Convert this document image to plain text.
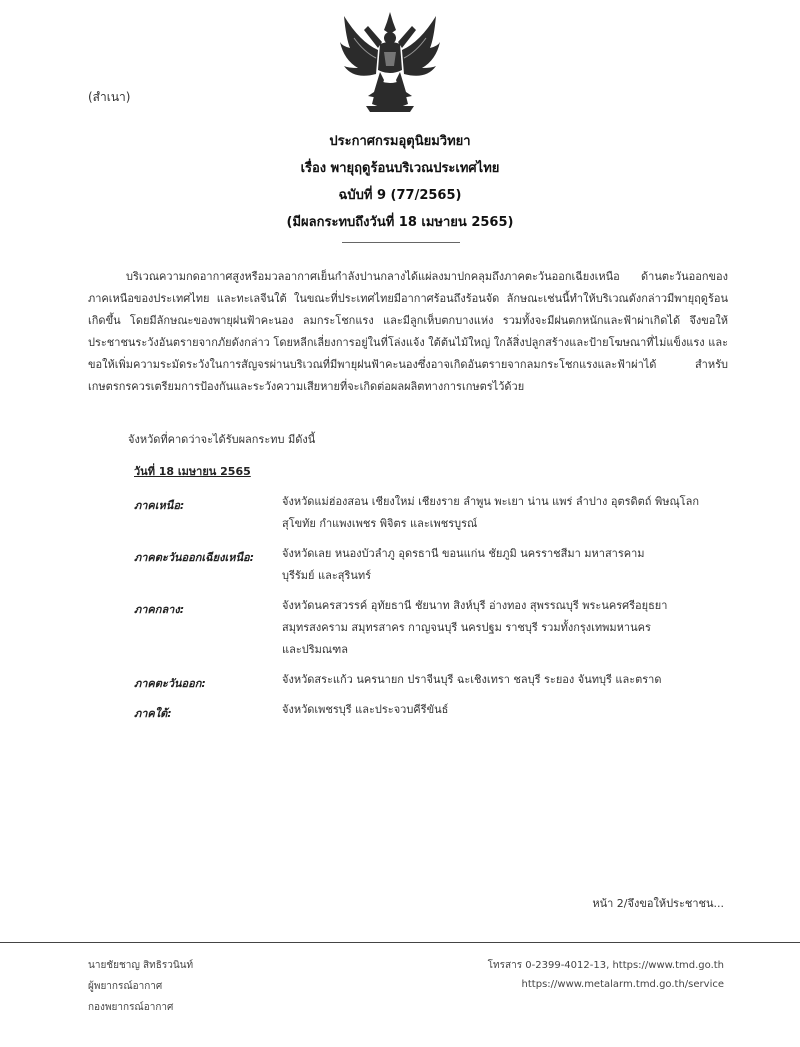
(สำเนา)
ประกาศกรมอุตุนิยมวิทยา
เรื่อง พายุฤดูร้อนบริเวณประเทศไทย
ฉบับที่ 9 (77/2565)
(มีผลกระทบถึงวันที่ 18 เมษายน 2565)
บริเวณความกดอากาศสูงหรือมวลอากาศเย็นกำลังปานกลางได้แผ่ลงมาปกคลุมถึงภาคตะวันออกเฉียงเหนือ ด้านตะวันออกของภาคเหนือของประเทศไทย และทะเลจีนใต้ ในขณะที่ประเทศไทยมีอากาศร้อนถึงร้อนจัด ลักษณะเช่นนี้ทำให้บริเวณดังกล่าวมีพายุฤดูร้อนเกิดขึ้น โดยมีลักษณะของพายุฝนฟ้าคะนอง ลมกระโชกแรง และมีลูกเห็บตกบางแห่ง รวมทั้งจะมีฝนตกหนักและฟ้าผ่าเกิดได้ จึงขอให้ประชาชนระวังอันตรายจากภัยดังกล่าว โดยหลีกเลี่ยงการอยู่ในที่โล่งแจ้ง ใต้ต้นไม้ใหญ่ ใกล้สิ่งปลูกสร้างและป้ายโฆษณาที่ไม่แข็งแรง และขอให้เพิ่มความระมัดระวังในการสัญจรผ่านบริเวณที่มีพายุฝนฟ้าคะนองซึ่งอาจเกิดอันตรายจากลมกระโชกแรงและฟ้าผ่าได้ สำหรับเกษตรกรควรเตรียมการป้องกันและระวังความเสียหายที่จะเกิดต่อผลผลิตทางการเกษตรไว้ด้วย
จังหวัดที่คาดว่าจะได้รับผลกระทบ มีดังนี้
วันที่ 18 เมษายน 2565
ภาคเหนือ:	จังหวัดแม่ฮ่องสอน เชียงใหม่ เชียงราย ลำพูน พะเยา น่าน แพร่ ลำปาง อุตรดิตถ์ พิษณุโลก
สุโขทัย กำแพงเพชร พิจิตร และเพชรบูรณ์
ภาคตะวันออกเฉียงเหนือ:	จังหวัดเลย หนองบัวลำภู อุดรธานี ขอนแก่น ชัยภูมิ นครราชสีมา มหาสารคาม
บุรีรัมย์ และสุรินทร์
ภาคกลาง:	จังหวัดนครสวรรค์ อุทัยธานี ชัยนาท สิงห์บุรี อ่างทอง สุพรรณบุรี พระนครศรีอยุธยา
สมุทรสงคราม สมุทรสาคร กาญจนบุรี นครปฐม ราชบุรี รวมทั้งกรุงเทพมหานคร
และปริมณฑล
ภาคตะวันออก:	จังหวัดสระแก้ว นครนายก ปราจีนบุรี ฉะเชิงเทรา ชลบุรี ระยอง จันทบุรี และตราด
ภาคใต้:	จังหวัดเพชรบุรี และประจวบคีรีขันธ์
หน้า 2/จึงขอให้ประชาชน...
นายชัยชาญ สิทธิรวนินท์
ผู้พยากรณ์อากาศ
กองพยากรณ์อากาศ
โทรสาร 0-2399-4012-13, https://www.tmd.go.th
https://www.metalarm.tmd.go.th/service
